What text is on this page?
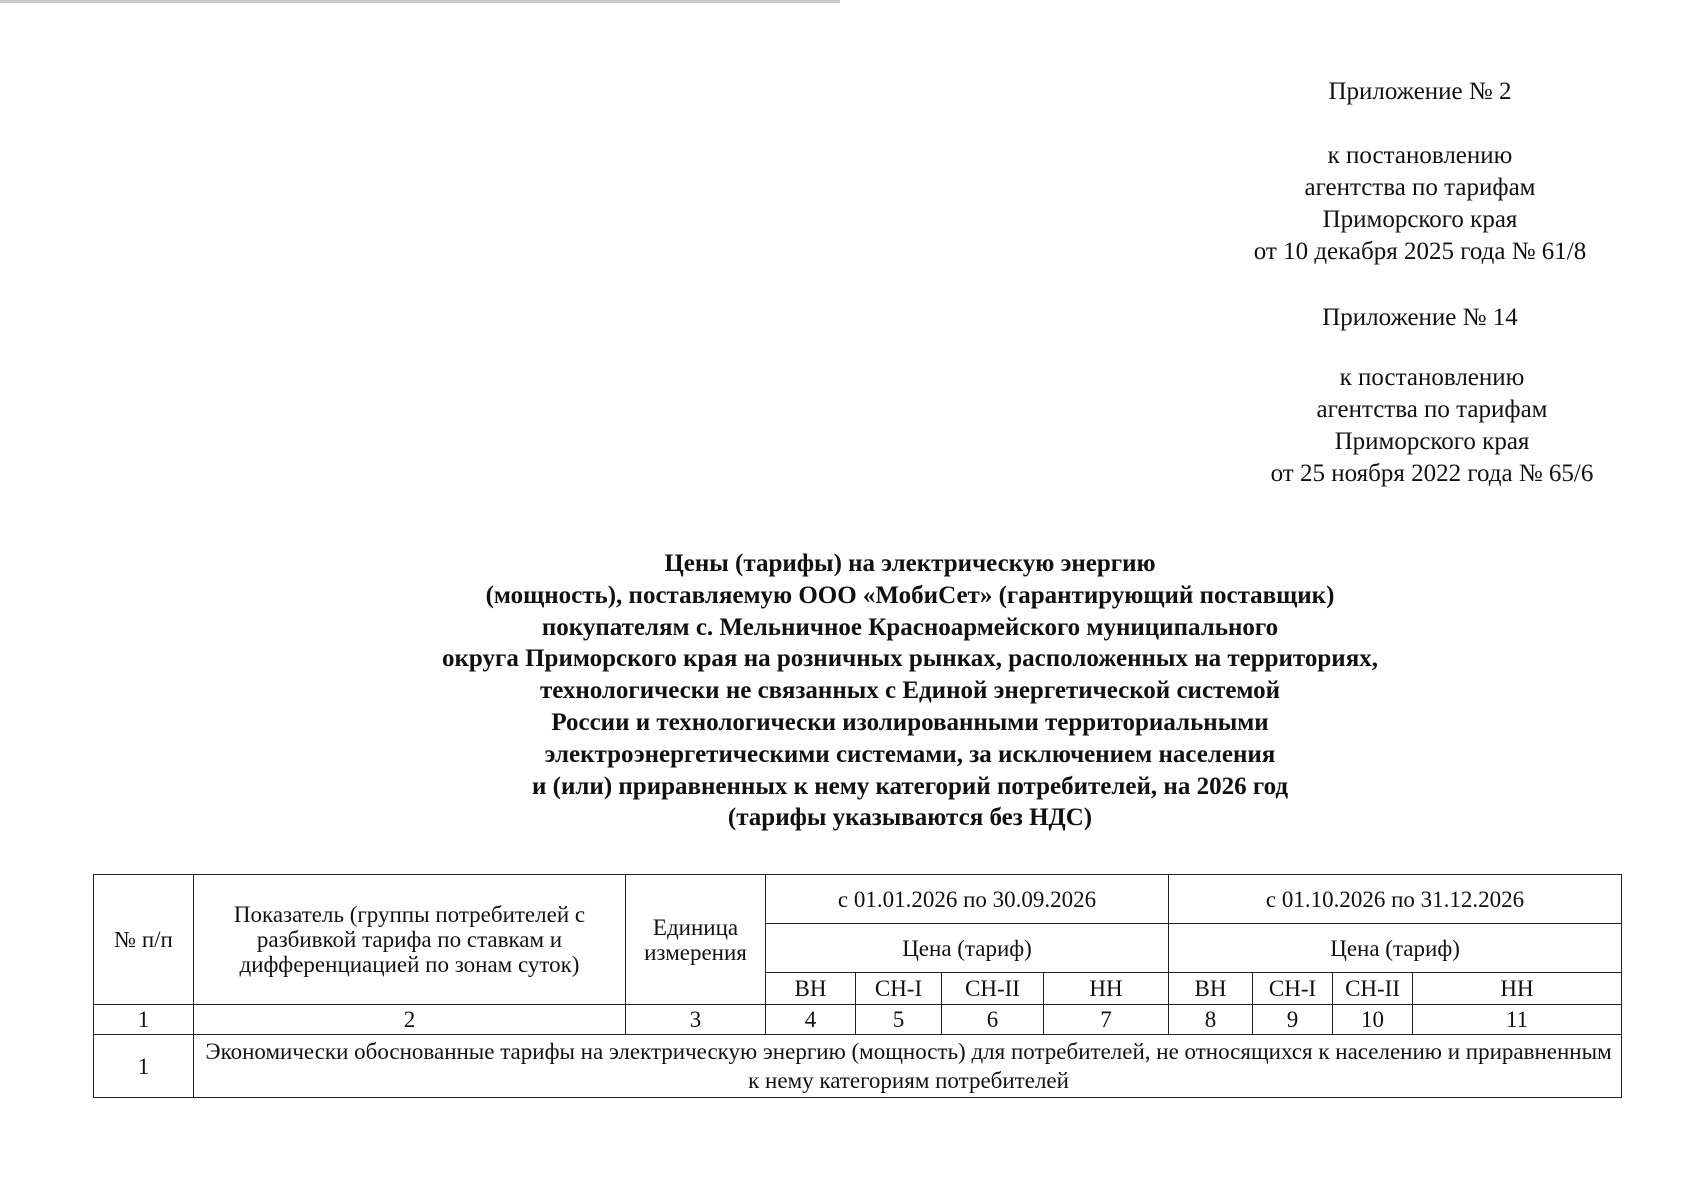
Приложение № 2
к постановлению
агентства по тарифам
Приморского края
от 10 декабря 2025 года № 61/8
Приложение № 14
к постановлению
агентства по тарифам
Приморского края
от 25 ноября 2022 года № 65/6
Цены (тарифы) на электрическую энергию
(мощность), поставляемую ООО «МобиСет» (гарантирующий поставщик)
покупателям с. Мельничное Красноармейского муниципального
округа Приморского края на розничных рынках, расположенных на территориях,
технологически не связанных с Единой энергетической системой
России и технологически изолированными территориальными
электроэнергетическими системами, за исключением населения
и (или) приравненных к нему категорий потребителей, на 2026 год
(тарифы указываются без НДС)
№ п/п	Показатель (группы потребителей с разбивкой тарифа по ставкам и дифференциацией по зонам суток)	Единица измерения	с 01.01.2026 по 30.09.2026				с 01.10.2026 по 31.12.2026			
			Цена (тариф)				Цена (тариф)			
			ВН	СН-I	СН-II	НН	ВН	СН-I	СН-II	НН
1	2	3	4	5	6	7	8	9	10	11
1	Экономически обоснованные тарифы на электрическую энергию (мощность) для потребителей, не относящихся к населению и приравненным к нему категориям потребителей									
